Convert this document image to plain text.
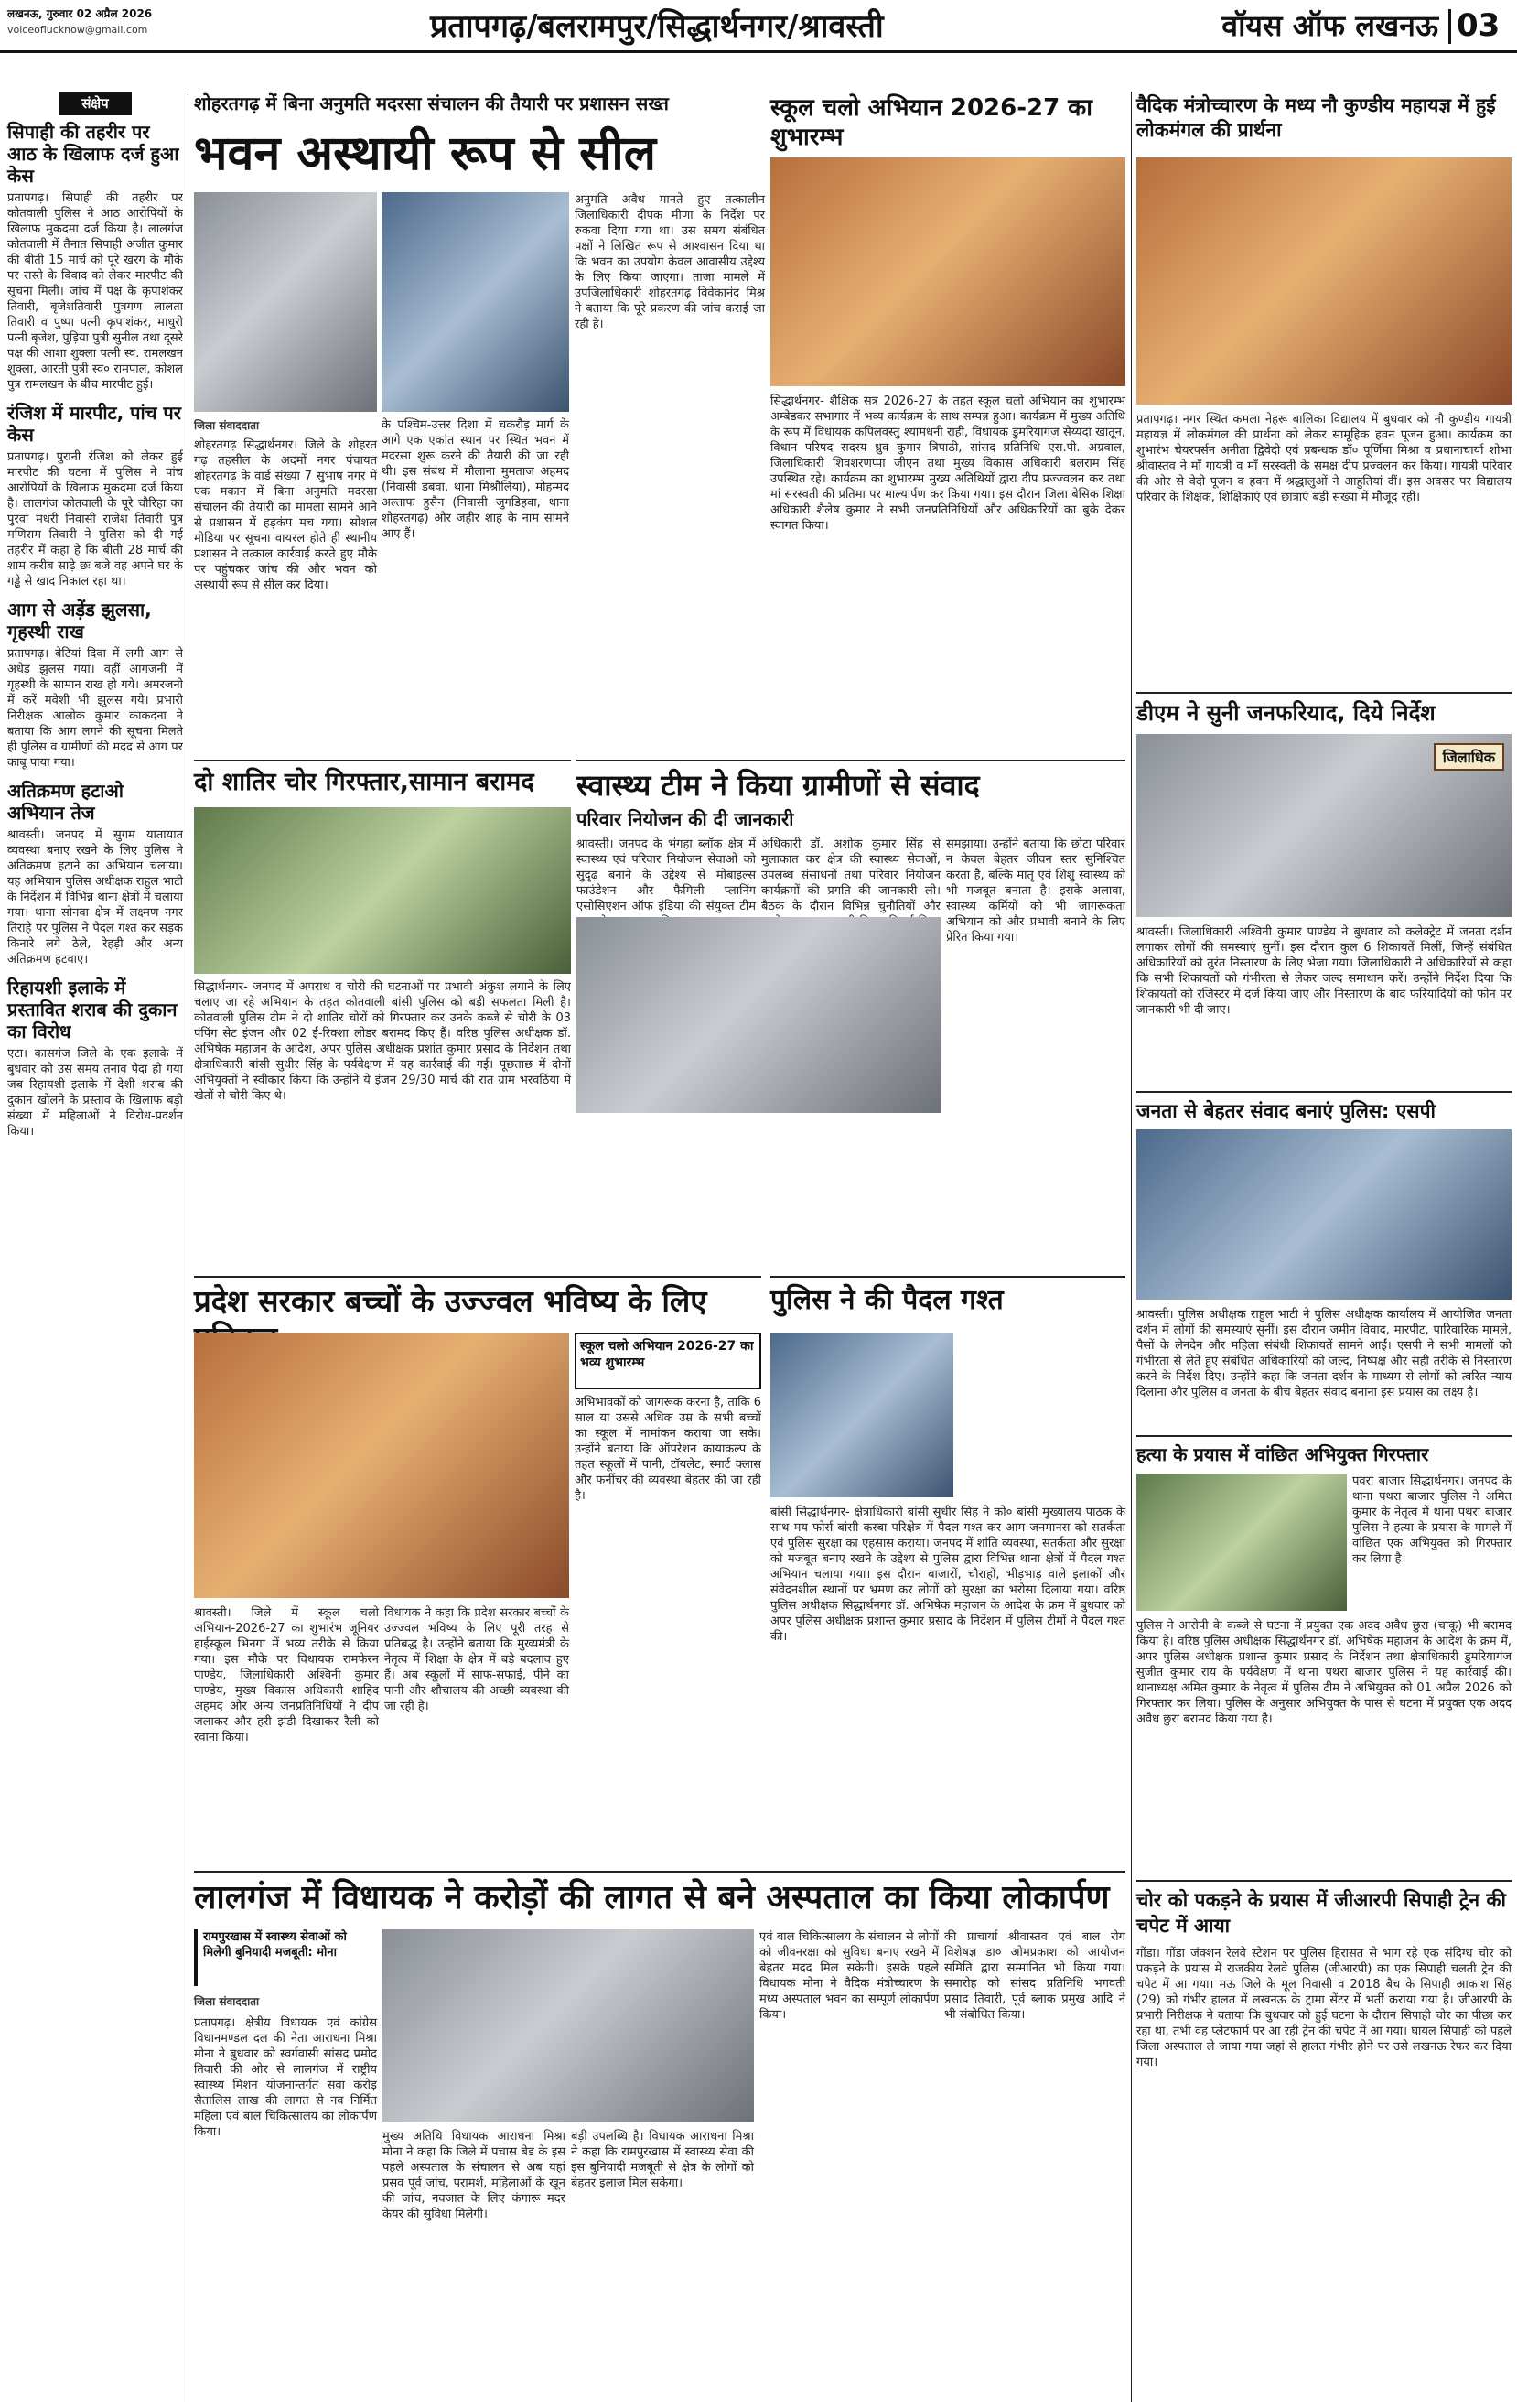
लखनऊ, गुरुवार 02 अप्रैल 2026
voiceoflucknow@gmail.com	प्रतापगढ़/बलरामपुर/सिद्धार्थनगर/श्रावस्ती	वॉयस ऑफ लखनऊ 03
संक्षेप
सिपाही की तहरीर पर आठ के खिलाफ दर्ज हुआ केस
प्रतापगढ़। सिपाही की तहरीर पर कोतवाली पुलिस ने आठ आरोपियों के खिलाफ मुकदमा दर्ज किया है। लालगंज कोतवाली में तैनात सिपाही अजीत कुमार की बीती 15 मार्च को पूरे खरग के मौके पर रास्ते के विवाद को लेकर मारपीट की सूचना मिली। जांच में पक्ष के कृपाशंकर तिवारी, बृजेशतिवारी पुत्रगण लालता तिवारी व पुष्पा पत्नी कृपाशंकर, माधुरी पत्नी बृजेश, पुड़िया पुत्री सुनील तथा दूसरे पक्ष की आशा शुक्ला पत्नी स्व. रामलखन शुक्ला, आरती पुत्री स्व० रामपाल, कोशल पुत्र रामलखन के बीच मारपीट हुई।
रंजिश में मारपीट, पांच पर केस
प्रतापगढ़। पुरानी रंजिश को लेकर हुई मारपीट की घटना में पुलिस ने पांच आरोपियों के खिलाफ मुकदमा दर्ज किया है। लालगंज कोतवाली के पूरे चौरिहा का पुरवा मधरी निवासी राजेश तिवारी पुत्र मणिराम तिवारी ने पुलिस को दी गई तहरीर में कहा है कि बीती 28 मार्च की शाम करीब साढ़े छः बजे वह अपने घर के गड्ढे से खाद निकाल रहा था।
आग से अड़ेंड झुलसा, गृहस्थी राख
प्रतापगढ़। बेटियां दिवा में लगी आग से अधेड़ झुलस गया। वहीं आगजनी में गृहस्थी के सामान राख हो गये। अमरजनी में करें मवेशी भी झुलस गये। प्रभारी निरीक्षक आलोक कुमार काकदना ने बताया कि आग लगने की सूचना मिलते ही पुलिस व ग्रामीणों की मदद से आग पर काबू पाया गया।
अतिक्रमण हटाओ अभियान तेज
श्रावस्ती। जनपद में सुगम यातायात व्यवस्था बनाए रखने के लिए पुलिस ने अतिक्रमण हटाने का अभियान चलाया। यह अभियान पुलिस अधीक्षक राहुल भाटी के निर्देशन में विभिन्न थाना क्षेत्रों में चलाया गया। थाना सोनवा क्षेत्र में लक्ष्मण नगर तिराहे पर पुलिस ने पैदल गश्त कर सड़क किनारे लगे ठेले, रेहड़ी और अन्य अतिक्रमण हटवाए।
रिहायशी इलाके में प्रस्तावित शराब की दुकान का विरोध
एटा। कासगंज जिले के एक इलाके में बुधवार को उस समय तनाव पैदा हो गया जब रिहायशी इलाके में देशी शराब की दुकान खोलने के प्रस्ताव के खिलाफ बड़ी संख्या में महिलाओं ने विरोध-प्रदर्शन किया।
शोहरतगढ़ में बिना अनुमति मदरसा संचालन की तैयारी पर प्रशासन सख्त
भवन अस्थायी रूप से सील
अनुमति अवैध मानते हुए तत्कालीन जिलाधिकारी दीपक मीणा के निर्देश पर रुकवा दिया गया था। उस समय संबंधित पक्षों ने लिखित रूप से आश्वासन दिया था कि भवन का उपयोग केवल आवासीय उद्देश्य के लिए किया जाएगा। ताजा मामले में उपजिलाधिकारी शोहरतगढ़ विवेकानंद मिश्र ने बताया कि पूरे प्रकरण की जांच कराई जा रही है।
जिला संवाददाता
शोहरतगढ़ सिद्धार्थनगर। जिले के शोहरत गढ़ तहसील के अदमों नगर पंचायत शोहरतगढ़ के वार्ड संख्या 7 सुभाष नगर में एक मकान में बिना अनुमति मदरसा संचालन की तैयारी का मामला सामने आने से प्रशासन में हड़कंप मच गया। सोशल मीडिया पर सूचना वायरल होते ही स्थानीय प्रशासन ने तत्काल कार्रवाई करते हुए मौके पर पहुंचकर जांच की और भवन को अस्थायी रूप से सील कर दिया।
के पश्चिम-उत्तर दिशा में चकरौड़ मार्ग के आगे एक एकांत स्थान पर स्थित भवन में मदरसा शुरू करने की तैयारी की जा रही थी। इस संबंध में मौलाना मुमताज अहमद (निवासी डबवा, थाना मिश्रौलिया), मोहम्मद अल्ताफ हुसैन (निवासी जुगडिहवा, थाना शोहरतगढ़) और जहीर शाह के नाम सामने आए हैं।
दो शातिर चोर गिरफ्तार,सामान बरामद
सिद्धार्थनगर- जनपद में अपराध व चोरी की घटनाओं पर प्रभावी अंकुश लगाने के लिए चलाए जा रहे अभियान के तहत कोतवाली बांसी पुलिस को बड़ी सफलता मिली है। कोतवाली पुलिस टीम ने दो शातिर चोरों को गिरफ्तार कर उनके कब्जे से चोरी के 03 पंपिंग सेट इंजन और 02 ई-रिक्शा लोडर बरामद किए हैं। वरिष्ठ पुलिस अधीक्षक डॉ. अभिषेक महाजन के आदेश, अपर पुलिस अधीक्षक प्रशांत कुमार प्रसाद के निर्देशन तथा क्षेत्राधिकारी बांसी सुधीर सिंह के पर्यवेक्षण में यह कार्रवाई की गई। पूछताछ में दोनों अभियुक्तों ने स्वीकार किया कि उन्होंने ये इंजन 29/30 मार्च की रात ग्राम भरवठिया में खेतों से चोरी किए थे।
प्रदेश सरकार बच्चों के उज्ज्वल भविष्य के लिए
स्कूल चलो अभियान 2026-27 का भव्य शुभारम्भ
अभिभावकों को जागरूक करना है, ताकि 6 साल या उससे अधिक उम्र के सभी बच्चों का स्कूल में नामांकन कराया जा सके। उन्होंने बताया कि ऑपरेशन कायाकल्प के तहत स्कूलों में पानी, टॉयलेट, स्मार्ट क्लास और फर्नीचर की व्यवस्था बेहतर की जा रही है।
श्रावस्ती। जिले में स्कूल चलो अभियान-2026-27 का शुभारंभ जूनियर हाईस्कूल भिनगा में भव्य तरीके से किया गया। इस मौके पर विधायक रामफेरन पाण्डेय, जिलाधिकारी अश्विनी कुमार पाण्डेय, मुख्य विकास अधिकारी शाहिद अहमद और अन्य जनप्रतिनिधियों ने दीप जलाकर और हरी झंडी दिखाकर रैली को रवाना किया।
विधायक ने कहा कि प्रदेश सरकार बच्चों के उज्ज्वल भविष्य के लिए पूरी तरह से प्रतिबद्ध है। उन्होंने बताया कि मुख्यमंत्री के नेतृत्व में शिक्षा के क्षेत्र में बड़े बदलाव हुए हैं। अब स्कूलों में साफ-सफाई, पीने का पानी और शौचालय की अच्छी व्यवस्था की जा रही है।
लालगंज में विधायक ने करोड़ों की लागत से बने अस्पताल का किया लोकार्पण
रामपुरखास में स्वास्थ्य सेवाओं को मिलेगी बुनियादी मजबूती: मोना
जिला संवाददाता
प्रतापगढ़। क्षेत्रीय विधायक एवं कांग्रेस विधानमण्डल दल की नेता आराधना मिश्रा मोना ने बुधवार को स्वर्गवासी सांसद प्रमोद तिवारी की ओर से लालगंज में राष्ट्रीय स्वास्थ्य मिशन योजनान्तर्गत सवा करोड़ सैतालिस लाख की लागत से नव निर्मित महिला एवं बाल चिकित्सालय का लोकार्पण किया।	मुख्य अतिथि विधायक आराधना मिश्रा मोना ने कहा कि जिले में पचास बेड के इस पहले अस्पताल के संचालन से अब यहां प्रसव पूर्व जांच, परामर्श, महिलाओं के खून की जांच, नवजात के लिए कंगारू मदर केयर की सुविधा मिलेगी।
बड़ी उपलब्धि है। विधायक आराधना मिश्रा ने कहा कि रामपुरखास में स्वास्थ्य सेवा की इस बुनियादी मजबूती से क्षेत्र के लोगों को बेहतर इलाज मिल सकेगा।
एवं बाल चिकित्सालय के संचालन से लोगों को जीवनरक्षा को सुविधा बनाए रखने में बेहतर मदद मिल सकेगी। इसके पहले विधायक मोना ने वैदिक मंत्रोच्चारण के मध्य अस्पताल भवन का सम्पूर्ण लोकार्पण किया।
की प्राचार्या श्रीवास्तव एवं बाल रोग विशेषज्ञ डा० ओमप्रकाश को आयोजन समिति द्वारा सम्मानित भी किया गया। समारोह को सांसद प्रतिनिधि भगवती प्रसाद तिवारी, पूर्व ब्लाक प्रमुख आदि ने भी संबोधित किया।
स्कूल चलो अभियान 2026-27 का शुभारम्भ
सिद्धार्थनगर- शैक्षिक सत्र 2026-27 के तहत स्कूल चलो अभियान का शुभारम्भ अम्बेडकर सभागार में भव्य कार्यक्रम के साथ सम्पन्न हुआ। कार्यक्रम में मुख्य अतिथि के रूप में विधायक कपिलवस्तु श्यामधनी राही, विधायक डुमरियागंज सैय्यदा खातून, विधान परिषद सदस्य ध्रुव कुमार त्रिपाठी, सांसद प्रतिनिधि एस.पी. अग्रवाल, जिलाधिकारी शिवशरणप्पा जीएन तथा मुख्य विकास अधिकारी बलराम सिंह उपस्थित रहे। कार्यक्रम का शुभारम्भ मुख्य अतिथियों द्वारा दीप प्रज्ज्वलन कर तथा मां सरस्वती की प्रतिमा पर माल्यार्पण कर किया गया। इस दौरान जिला बेसिक शिक्षा अधिकारी शैलेष कुमार ने सभी जनप्रतिनिधियों और अधिकारियों का बुके देकर स्वागत किया।
स्वास्थ्य टीम ने किया ग्रामीणों से संवाद
परिवार नियोजन की दी जानकारी
श्रावस्ती। जनपद के भंगहा ब्लॉक क्षेत्र में स्वास्थ्य एवं परिवार नियोजन सेवाओं को सुदृढ़ बनाने के उद्देश्य से मोबाइल्स फाउंडेशन और फैमिली प्लानिंग एसोसिएशन ऑफ इंडिया की संयुक्त टीम
अधिकारी डॉ. अशोक कुमार सिंह से मुलाकात कर क्षेत्र की स्वास्थ्य सेवाओं, उपलब्ध संसाधनों तथा परिवार नियोजन कार्यक्रमों की प्रगति की जानकारी ली। बैठक के दौरान विभिन्न चुनौतियों और
समझाया। उन्होंने बताया कि छोटा परिवार न केवल बेहतर जीवन स्तर सुनिश्चित करता है, बल्कि मातृ एवं शिशु स्वास्थ्य को भी मजबूत बनाता है। इसके अलावा, स्वास्थ्य कर्मियों को भी जागरूकता अभियान को और प्रभावी बनाने के लिए प्रेरित किया गया।
पुलिस ने की पैदल गश्त
बांसी सिद्धार्थनगर- क्षेत्राधिकारी बांसी सुधीर सिंह ने को० बांसी मुख्यालय पाठक के साथ मय फोर्स बांसी कस्बा परिक्षेत्र में पैदल गश्त कर आम जनमानस को सतर्कता एवं पुलिस सुरक्षा का एहसास कराया। जनपद में शांति व्यवस्था, सतर्कता और सुरक्षा को मजबूत बनाए रखने के उद्देश्य से पुलिस द्वारा विभिन्न थाना क्षेत्रों में पैदल गश्त अभियान चलाया गया। इस दौरान बाजारों, चौराहों, भीड़भाड़ वाले इलाकों और संवेदनशील स्थानों पर भ्रमण कर लोगों को सुरक्षा का भरोसा दिलाया गया। वरिष्ठ पुलिस अधीक्षक सिद्धार्थनगर डॉ. अभिषेक महाजन के आदेश के क्रम में बुधवार को अपर पुलिस अधीक्षक प्रशान्त कुमार प्रसाद के निर्देशन में पुलिस टीमों ने पैदल गश्त की।
वैदिक मंत्रोच्चारण के मध्य नौ कुण्डीय महायज्ञ में हुई लोकमंगल की प्रार्थना
प्रतापगढ़। नगर स्थित कमला नेहरू बालिका विद्यालय में बुधवार को नौ कुण्डीय गायत्री महायज्ञ में लोकमंगल की प्रार्थना को लेकर सामूहिक हवन पूजन हुआ। कार्यक्रम का शुभारंभ चेयरपर्सन अनीता द्विवेदी एवं प्रबन्धक डॉ० पूर्णिमा मिश्रा व प्रधानाचार्या शोभा श्रीवास्तव ने माँ गायत्री व माँ सरस्वती के समक्ष दीप प्रज्वलन कर किया। गायत्री परिवार की ओर से वेदी पूजन व हवन में श्रद्धालुओं ने आहुतियां दीं। इस अवसर पर विद्यालय परिवार के शिक्षक, शिक्षिकाएं एवं छात्राएं बड़ी संख्या में मौजूद रहीं।
डीएम ने सुनी जनफरियाद, दिये निर्देश
जिलाधिक
श्रावस्ती। जिलाधिकारी अश्विनी कुमार पाण्डेय ने बुधवार को कलेक्ट्रेट में जनता दर्शन लगाकर लोगों की समस्याएं सुनीं। इस दौरान कुल 6 शिकायतें मिलीं, जिन्हें संबंधित अधिकारियों को तुरंत निस्तारण के लिए भेजा गया। जिलाधिकारी ने अधिकारियों से कहा कि सभी शिकायतों को गंभीरता से लेकर जल्द समाधान करें। उन्होंने निर्देश दिया कि शिकायतों को रजिस्टर में दर्ज किया जाए और निस्तारण के बाद फरियादियों को फोन पर जानकारी भी दी जाए।
जनता से बेहतर संवाद बनाएं पुलिस: एसपी
श्रावस्ती। पुलिस अधीक्षक राहुल भाटी ने पुलिस अधीक्षक कार्यालय में आयोजित जनता दर्शन में लोगों की समस्याएं सुनीं। इस दौरान जमीन विवाद, मारपीट, पारिवारिक मामले, पैसों के लेनदेन और महिला संबंधी शिकायतें सामने आईं। एसपी ने सभी मामलों को गंभीरता से लेते हुए संबंधित अधिकारियों को जल्द, निष्पक्ष और सही तरीके से निस्तारण करने के निर्देश दिए। उन्होंने कहा कि जनता दर्शन के माध्यम से लोगों को त्वरित न्याय दिलाना और पुलिस व जनता के बीच बेहतर संवाद बनाना इस प्रयास का लक्ष्य है।
हत्या के प्रयास में वांछित अभियुक्त गिरफ्तार
पवरा बाजार सिद्धार्थनगर। जनपद के थाना पथरा बाजार पुलिस ने अमित कुमार के नेतृत्व में थाना पथरा बाजार पुलिस ने हत्या के प्रयास के मामले में वांछित एक अभियुक्त को गिरफ्तार कर लिया है।
पुलिस ने आरोपी के कब्जे से घटना में प्रयुक्त एक अदद अवैध छुरा (चाकू) भी बरामद किया है। वरिष्ठ पुलिस अधीक्षक सिद्धार्थनगर डॉ. अभिषेक महाजन के आदेश के क्रम में, अपर पुलिस अधीक्षक प्रशान्त कुमार प्रसाद के निर्देशन तथा क्षेत्राधिकारी डुमरियागंज सुजीत कुमार राय के पर्यवेक्षण में थाना पथरा बाजार पुलिस ने यह कार्रवाई की। थानाध्यक्ष अमित कुमार के नेतृत्व में पुलिस टीम ने अभियुक्त को 01 अप्रैल 2026 को गिरफ्तार कर लिया। पुलिस के अनुसार अभियुक्त के पास से घटना में प्रयुक्त एक अदद अवैध छुरा बरामद किया गया है।
चोर को पकड़ने के प्रयास में जीआरपी सिपाही ट्रेन की चपेट में आया
गोंडा। गोंडा जंक्शन रेलवे स्टेशन पर पुलिस हिरासत से भाग रहे एक संदिग्ध चोर को पकड़ने के प्रयास में राजकीय रेलवे पुलिस (जीआरपी) का एक सिपाही चलती ट्रेन की चपेट में आ गया। मऊ जिले के मूल निवासी व 2018 बैच के सिपाही आकाश सिंह (29) को गंभीर हालत में लखनऊ के ट्रामा सेंटर में भर्ती कराया गया है। जीआरपी के प्रभारी निरीक्षक ने बताया कि बुधवार को हुई घटना के दौरान सिपाही चोर का पीछा कर रहा था, तभी वह प्लेटफार्म पर आ रही ट्रेन की चपेट में आ गया। घायल सिपाही को पहले जिला अस्पताल ले जाया गया जहां से हालत गंभीर होने पर उसे लखनऊ रेफर कर दिया गया।
